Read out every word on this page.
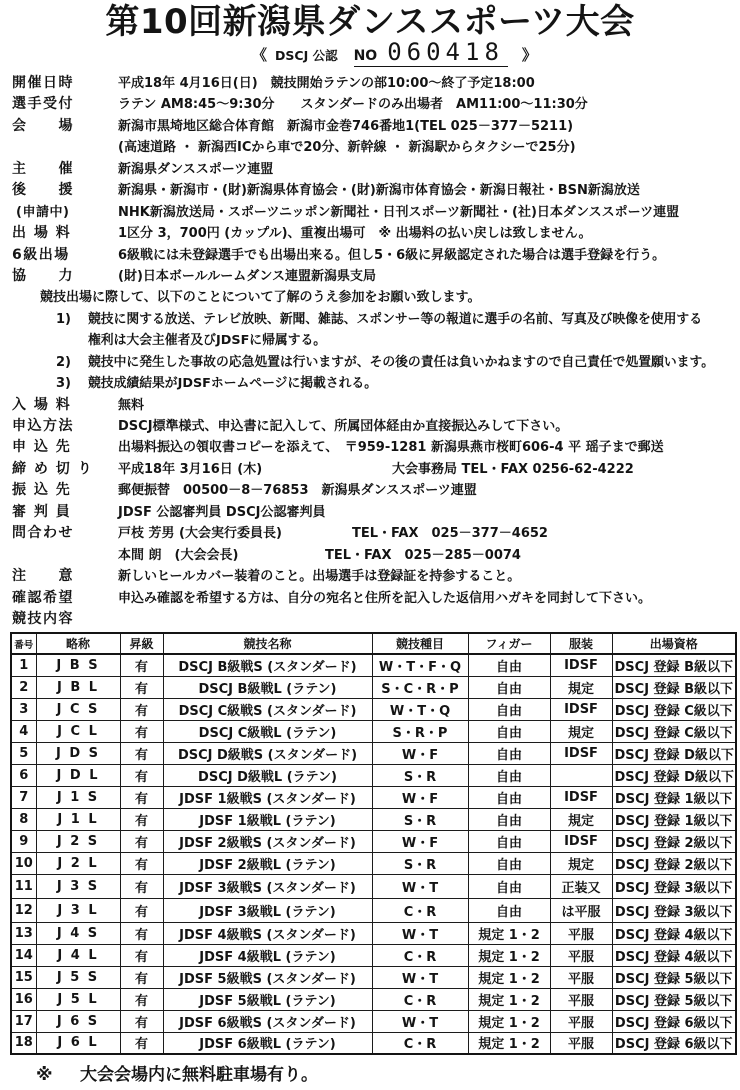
第10回新潟県ダンススポーツ大会
《 DSCJ 公認 NO 060418 》
開催日時	平成18年 4月16日(日)　競技開始ラテンの部10:00～終了予定18:00
選手受付	ラテン AM8:45～9:30分　　スタンダードのみ出場者　AM11:00～11:30分
会　　場	新潟市黒埼地区総合体育館　新潟市金巻746番地1(TEL 025－377－5211)
(高速道路 ・ 新潟西ICから車で20分、新幹線 ・ 新潟駅からタクシーで25分)
主　　催	新潟県ダンススポーツ連盟
後　　援	新潟県・新潟市・(財)新潟県体育協会・(財)新潟市体育協会・新潟日報社・BSN新潟放送
(申請中)	NHK新潟放送局・スポーツニッポン新聞社・日刊スポーツ新聞社・(社)日本ダンススポーツ連盟
出 場 料	1区分 3，700円 (カップル)、重複出場可　※ 出場料の払い戻しは致しません。
6級出場	6級戦には未登録選手でも出場出来る。但し5・6級に昇級認定された場合は選手登録を行う。
協　　力	(財)日本ボールルームダンス連盟新潟県支局
競技出場に際して、以下のことについて了解のうえ参加をお願い致します。
1) 競技に関する放送、テレビ放映、新聞、雑誌、スポンサー等の報道に選手の名前、写真及び映像を使用する
権利は大会主催者及びJDSFに帰属する。
2) 競技中に発生した事故の応急処置は行いますが、その後の責任は負いかねますので自己責任で処置願います。
3) 競技成績結果がJDSFホームページに掲載される。
入 場 料	無料
申込方法	DSCJ標準様式、申込書に記入して、所属団体経由か直接振込みして下さい。
申 込 先	出場料振込の領収書コピーを添えて、　〒959-1281 新潟県燕市桜町606-4 平 瑶子まで郵送
締 め 切 り 平成18年 3月16日 (木)	大会事務局 TEL・FAX 0256-62-4222
振 込 先	郵便振替　00500－8－76853　新潟県ダンススポーツ連盟
審 判 員	JDSF 公認審判員 DSCJ公認審判員
問合わせ	戸枝 芳男 (大会実行委員長)	TEL・FAX　025－377－4652
本間 朗　(大会会長)	TEL・FAX　025－285－0074
注　　意	新しいヒールカバー装着のこと。出場選手は登録証を持参すること。
確認希望	申込み確認を希望する方は、自分の宛名と住所を記入した返信用ハガキを同封して下さい。
競技内容
番号	略称	昇級	競技名称	競技種目	フィガー	服装	出場資格
1	J B S	有	DSCJ B級戦S (スタンダード)	W・T・F・Q	自由	IDSF	DSCJ 登録 B級以下
2	J B L	有	DSCJ B級戦L (ラテン)	S・C・R・P	自由	規定	DSCJ 登録 B級以下
3	J C S	有	DSCJ C級戦S (スタンダード)	W・T・Q	自由	IDSF	DSCJ 登録 C級以下
4	J C L	有	DSCJ C級戦L (ラテン)	S・R・P	自由	規定	DSCJ 登録 C級以下
5	J D S	有	DSCJ D級戦S (スタンダード)	W・F	自由	IDSF	DSCJ 登録 D級以下
6	J D L	有	DSCJ D級戦L (ラテン)	S・R	自由		DSCJ 登録 D級以下
7	J 1 S	有	JDSF 1級戦S (スタンダード)	W・F	自由	IDSF	DSCJ 登録 1級以下
8	J 1 L	有	JDSF 1級戦L (ラテン)	S・R	自由	規定	DSCJ 登録 1級以下
9	J 2 S	有	JDSF 2級戦S (スタンダード)	W・F	自由	IDSF	DSCJ 登録 2級以下
10	J 2 L	有	JDSF 2級戦L (ラテン)	S・R	自由	規定	DSCJ 登録 2級以下
11	J 3 S	有	JDSF 3級戦S (スタンダード)	W・T	自由	正装又	DSCJ 登録 3級以下
12	J 3 L	有	JDSF 3級戦L (ラテン)	C・R	自由	は平服	DSCJ 登録 3級以下
13	J 4 S	有	JDSF 4級戦S (スタンダード)	W・T	規定 1・2	平服	DSCJ 登録 4級以下
14	J 4 L	有	JDSF 4級戦L (ラテン)	C・R	規定 1・2	平服	DSCJ 登録 4級以下
15	J 5 S	有	JDSF 5級戦S (スタンダード)	W・T	規定 1・2	平服	DSCJ 登録 5級以下
16	J 5 L	有	JDSF 5級戦L (ラテン)	C・R	規定 1・2	平服	DSCJ 登録 5級以下
17	J 6 S	有	JDSF 6級戦S (スタンダード)	W・T	規定 1・2	平服	DSCJ 登録 6級以下
18	J 6 L	有	JDSF 6級戦L (ラテン)	C・R	規定 1・2	平服	DSCJ 登録 6級以下
※ 大会会場内に無料駐車場有り。
